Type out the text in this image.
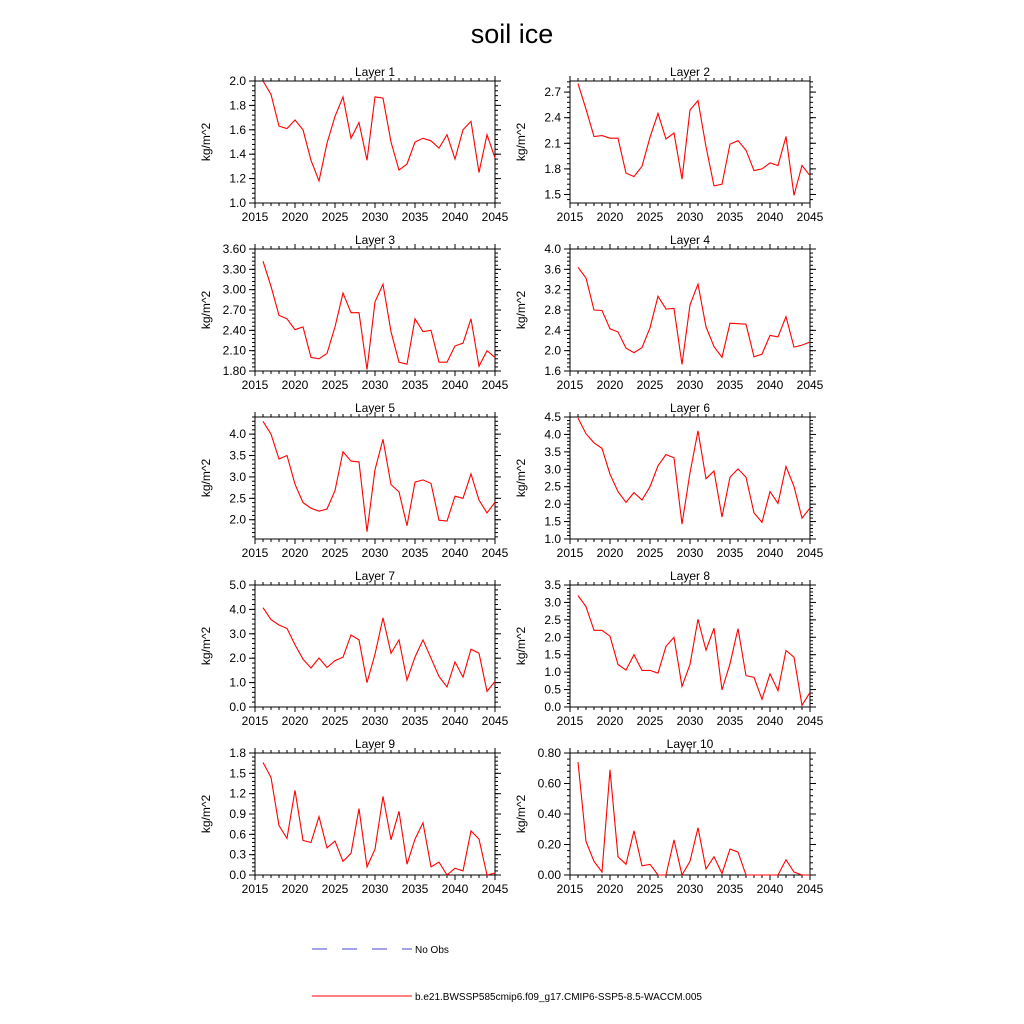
soil ice
Layer 1
2015 2020 2025 2030 2035 2040 2045
1.0
1.2
1.4
1.6
1.8
2.0
kg/m^2
Layer 2
2015 2020 2025 2030 2035 2040 2045
1.5
1.8
2.1
2.4
2.7
kg/m^2
Layer 3
2015 2020 2025 2030 2035 2040 2045
1.80
2.10
2.40
2.70
3.00
3.30
3.60
kg/m^2
Layer 4
2015 2020 2025 2030 2035 2040 2045
1.6
2.0
2.4
2.8
3.2
3.6
4.0
kg/m^2
Layer 5
2015 2020 2025 2030 2035 2040 2045
2.0
2.5
3.0
3.5
4.0
kg/m^2
Layer 6
2015 2020 2025 2030 2035 2040 2045
1.0
1.5
2.0
2.5
3.0
3.5
4.0
4.5
kg/m^2
Layer 7
2015 2020 2025 2030 2035 2040 2045
0.0
1.0
2.0
3.0
4.0
5.0
kg/m^2
Layer 8
2015 2020 2025 2030 2035 2040 2045
0.0
0.5
1.0
1.5
2.0
2.5
3.0
3.5
kg/m^2
Layer 9
2015 2020 2025 2030 2035 2040 2045
0.0
0.3
0.6
0.9
1.2
1.5
1.8
kg/m^2
Layer 10
2015 2020 2025 2030 2035 2040 2045
0.00
0.20
0.40
0.60
0.80
kg/m^2
No Obs
b.e21.BWSSP585cmip6.f09_g17.CMIP6-SSP5-8.5-WACCM.005
